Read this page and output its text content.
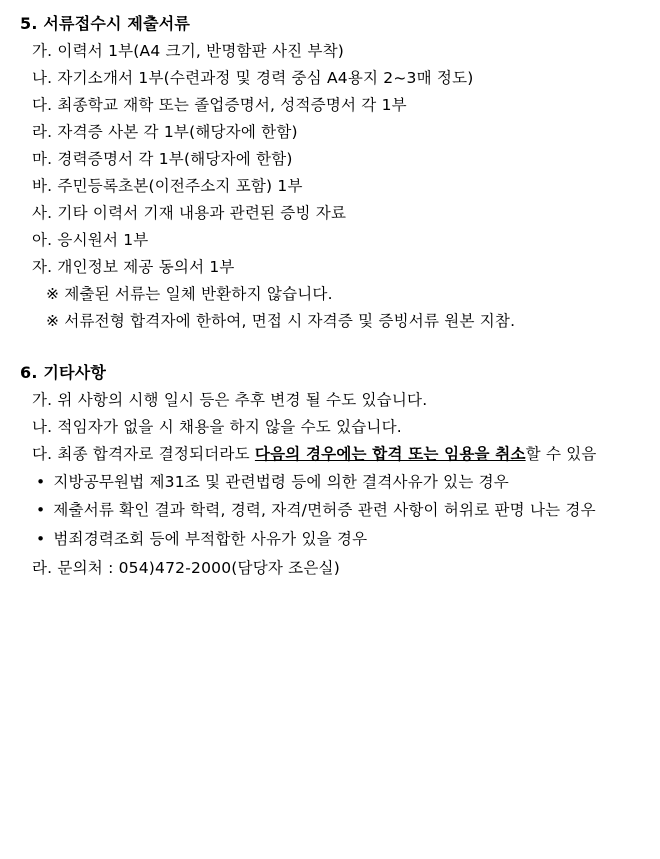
5. 서류접수시 제출서류
가. 이력서 1부(A4 크기, 반명함판 사진 부착)
나. 자기소개서 1부(수련과정 및 경력 중심 A4용지 2~3매 정도)
다. 최종학교 재학 또는 졸업증명서, 성적증명서 각 1부
라. 자격증 사본 각 1부(해당자에 한함)
마. 경력증명서 각 1부(해당자에 한함)
바. 주민등록초본(이전주소지 포함) 1부
사. 기타 이력서 기재 내용과 관련된 증빙 자료
아. 응시원서 1부
자. 개인정보 제공 동의서 1부
※ 제출된 서류는 일체 반환하지 않습니다.
※ 서류전형 합격자에 한하여, 면접 시 자격증 및 증빙서류 원본 지참.
6. 기타사항
가. 위 사항의 시행 일시 등은 추후 변경 될 수도 있습니다.
나. 적임자가 없을 시 채용을 하지 않을 수도 있습니다.
다. 최종 합격자로 결정되더라도 다음의 경우에는 합격 또는 임용을 취소할 수 있음
• 지방공무원법 제31조 및 관련법령 등에 의한 결격사유가 있는 경우
• 제출서류 확인 결과 학력, 경력, 자격/면허증 관련 사항이 허위로 판명 나는 경우
• 범죄경력조회 등에 부적합한 사유가 있을 경우
라. 문의처 : 054)472-2000(담당자 조은실)
